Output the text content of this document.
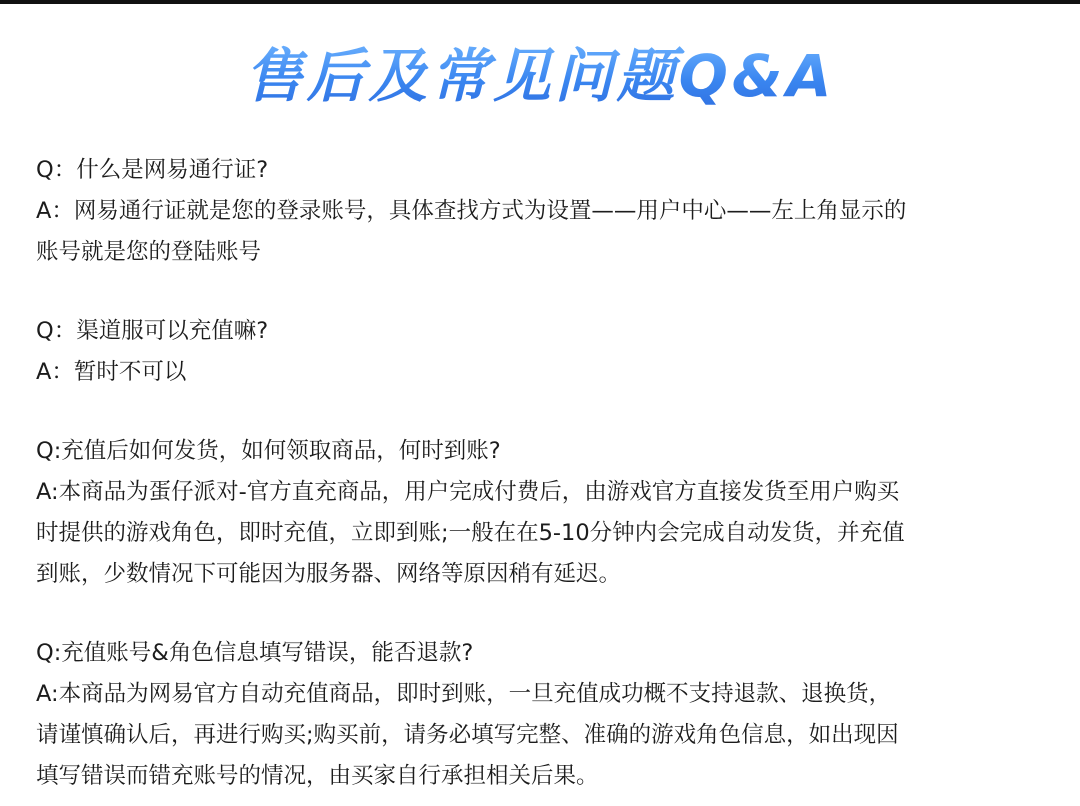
售后及常见问题Q&A

Q：什么是网易通行证?

A：网易通行证就是您的登录账号，具体查找方式为设置——用户中心——左上角显示的

账号就是您的登陆账号

Q：渠道服可以充值嘛?

A：暂时不可以

Q:充值后如何发货，如何领取商品，何时到账?

A:本商品为蛋仔派对-官方直充商品，用户完成付费后，由游戏官方直接发货至用户购买

时提供的游戏角色，即时充值，立即到账;一般在在5-10分钟内会完成自动发货，并充值

到账，少数情况下可能因为服务器、网络等原因稍有延迟。

Q:充值账号&角色信息填写错误，能否退款?

A:本商品为网易官方自动充值商品，即时到账，一旦充值成功概不支持退款、退换货，

请谨慎确认后，再进行购买;购买前，请务必填写完整、准确的游戏角色信息，如出现因

填写错误而错充账号的情况，由买家自行承担相关后果。
